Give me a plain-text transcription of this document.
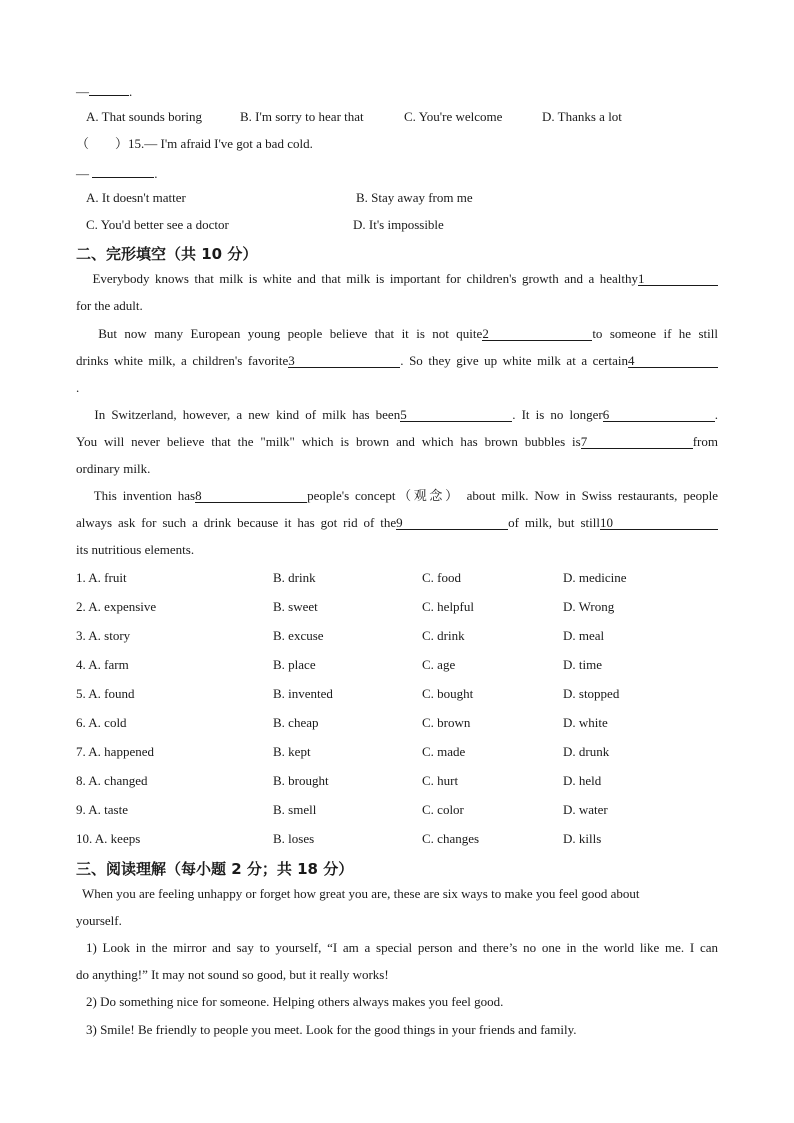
—	.
A. That sounds boring	B. I'm sorry to hear that	C. You're welcome	D. Thanks a lot
（　　）15.— I'm afraid I've got a bad cold.
—	.
A. It doesn't matter	B. Stay away from me
C. You'd better see a doctor	D. It's impossible
二、完形填空（共 10 分）
Everybody knows that milk is white and that milk is important for children's growth and a healthy1
for the adult.
But now many European young people believe that it is not quite2	to someone if he still
drinks white milk, a children's favorite3	. So they give up white milk at a certain4
.
In Switzerland, however, a new kind of milk has been5	. It is no longer6	.
You will never believe that the "milk" which is brown and which has brown bubbles is7	from
ordinary milk.
This invention has8	people's concept（观念） about milk. Now in Swiss restaurants, people
always ask for such a drink because it has got rid of the9	of milk, but still10
its nutritious elements.
1. A. fruit	B. drink	C. food	D. medicine
2. A. expensive	B. sweet	C. helpful	D. Wrong
3. A. story	B. excuse	C. drink	D. meal
4. A. farm	B. place	C. age	D. time
5. A. found	B. invented	C. bought	D. stopped
6. A. cold	B. cheap	C. brown	D. white
7. A. happened	B. kept	C. made	D. drunk
8. A. changed	B. brought	C. hurt	D. held
9. A. taste	B. smell	C. color	D. water
10. A. keeps	B. loses	C. changes	D. kills
三、阅读理解（每小题 2 分；共 18 分）
When you are feeling unhappy or forget how great you are, these are six ways to make you feel good about
yourself.
1) Look in the mirror and say to yourself, “I am a special person and there’s no one in the world like me. I can
do anything!” It may not sound so good, but it really works!
2) Do something nice for someone. Helping others always makes you feel good.
3) Smile! Be friendly to people you meet. Look for the good things in your friends and family.
